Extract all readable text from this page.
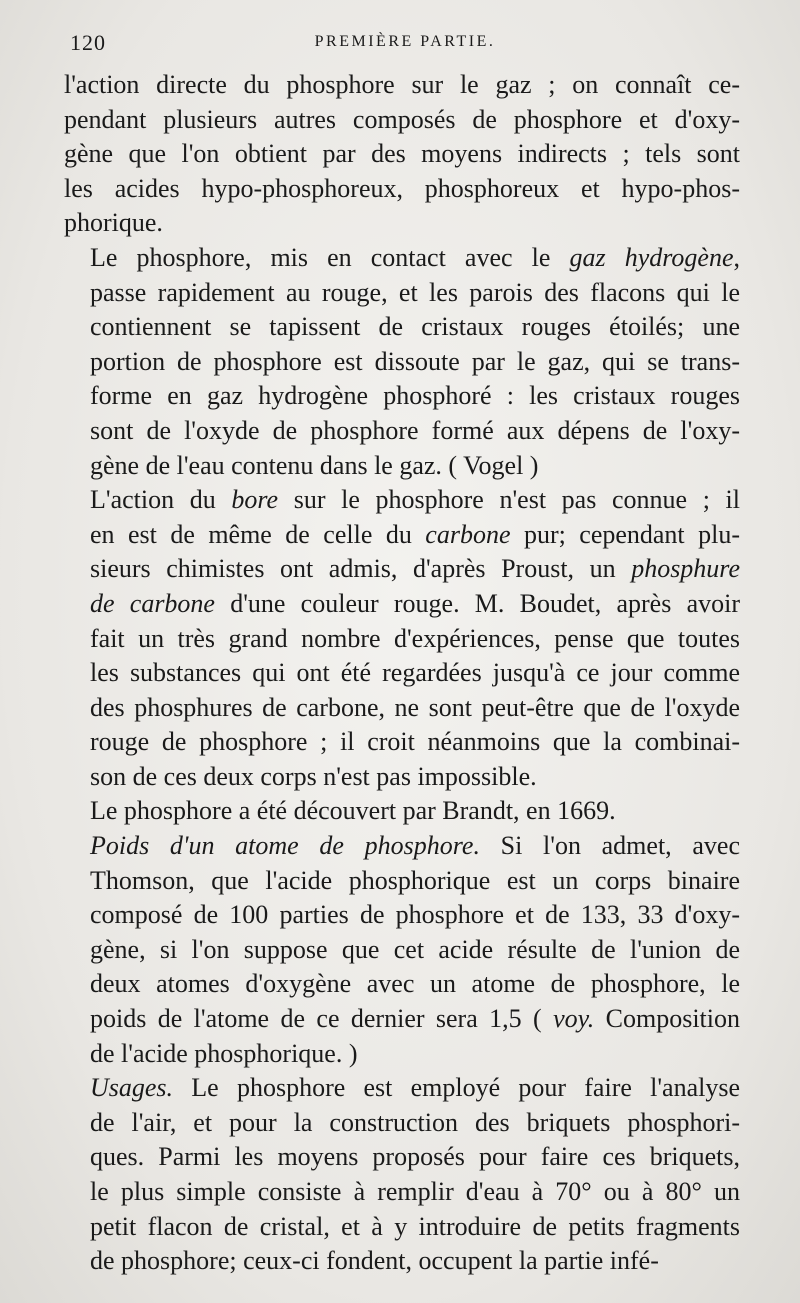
120	PREMIÈRE PARTIE.
l'action directe du phosphore sur le gaz ; on connaît ce-
pendant plusieurs autres composés de phosphore et d'oxy-
gène que l'on obtient par des moyens indirects ; tels sont
les acides hypo-phosphoreux, phosphoreux et hypo-phos-
phorique.
Le phosphore, mis en contact avec le gaz hydrogène,
passe rapidement au rouge, et les parois des flacons qui le
contiennent se tapissent de cristaux rouges étoilés; une
portion de phosphore est dissoute par le gaz, qui se trans-
forme en gaz hydrogène phosphoré : les cristaux rouges
sont de l'oxyde de phosphore formé aux dépens de l'oxy-
gène de l'eau contenu dans le gaz. ( Vogel )
L'action du bore sur le phosphore n'est pas connue ; il
en est de même de celle du carbone pur; cependant plu-
sieurs chimistes ont admis, d'après Proust, un phosphure
de carbone d'une couleur rouge. M. Boudet, après avoir
fait un très grand nombre d'expériences, pense que toutes
les substances qui ont été regardées jusqu'à ce jour comme
des phosphures de carbone, ne sont peut-être que de l'oxyde
rouge de phosphore ; il croit néanmoins que la combinai-
son de ces deux corps n'est pas impossible.
Le phosphore a été découvert par Brandt, en 1669.
Poids d'un atome de phosphore. Si l'on admet, avec
Thomson, que l'acide phosphorique est un corps binaire
composé de 100 parties de phosphore et de 133, 33 d'oxy-
gène, si l'on suppose que cet acide résulte de l'union de
deux atomes d'oxygène avec un atome de phosphore, le
poids de l'atome de ce dernier sera 1,5 ( voy. Composition
de l'acide phosphorique. )
Usages. Le phosphore est employé pour faire l'analyse
de l'air, et pour la construction des briquets phosphori-
ques. Parmi les moyens proposés pour faire ces briquets,
le plus simple consiste à remplir d'eau à 70° ou à 80° un
petit flacon de cristal, et à y introduire de petits fragments
de phosphore; ceux-ci fondent, occupent la partie infé-
